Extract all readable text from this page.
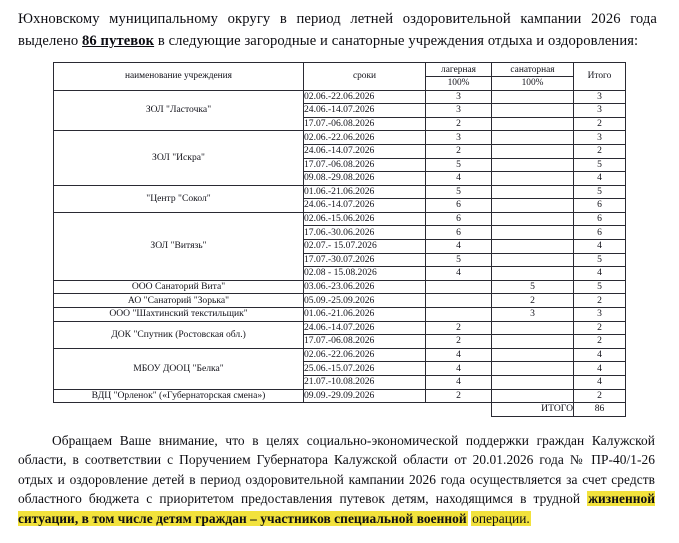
Юхновскому муниципальному округу в период летней оздоровительной кампании 2026 года выделено 86 путевок в следующие загородные и санаторные учреждения отдыха и оздоровления:

наименование учреждения	сроки	лагерная	санаторная	Итого
		100%	100%	
ЗОЛ "Ласточка"	02.06.-22.06.2026	3		3
	24.06.-14.07.2026	3		3
	17.07.-06.08.2026	2		2
ЗОЛ "Искра"	02.06.-22.06.2026	3		3
	24.06.-14.07.2026	2		2
	17.07.-06.08.2026	5		5
	09.08.-29.08.2026	4		4
"Центр "Сокол"	01.06.-21.06.2026	5		5
	24.06.-14.07.2026	6		6
ЗОЛ "Витязь"	02.06.-15.06.2026	6		6
	17.06.-30.06.2026	6		6
	02.07.- 15.07.2026	4		4
	17.07.-30.07.2026	5		5
	02.08 - 15.08.2026	4		4
ООО Санаторий Вита"	03.06.-23.06.2026		5	5
АО "Санаторий "Зорька"	05.09.-25.09.2026		2	2
ООО "Шахтинский текстильщик"	01.06.-21.06.2026		3	3
ДОК "Спутник (Ростовская обл.)	24.06.-14.07.2026	2		2
	17.07.-06.08.2026	2		2
МБОУ ДООЦ "Белка"	02.06.-22.06.2026	4		4
	25.06.-15.07.2026	4		4
	21.07.-10.08.2026	4		4
ВДЦ "Орленок" («Губернаторская смена»)	09.09.-29.09.2026	2		2
			ИТОГО	86
Обращаем Ваше внимание, что в целях социально-экономической поддержки граждан Калужской области, в соответствии с Поручением Губернатора Калужской области от 20.01.2026 года № ПР-40/1-26 отдых и оздоровление детей в период оздоровительной кампании 2026 года осуществляется за счет средств областного бюджета с приоритетом предоставления путевок детям, находящимся в трудной жизненной ситуации, в том числе детям граждан – участников специальной военной операции.
